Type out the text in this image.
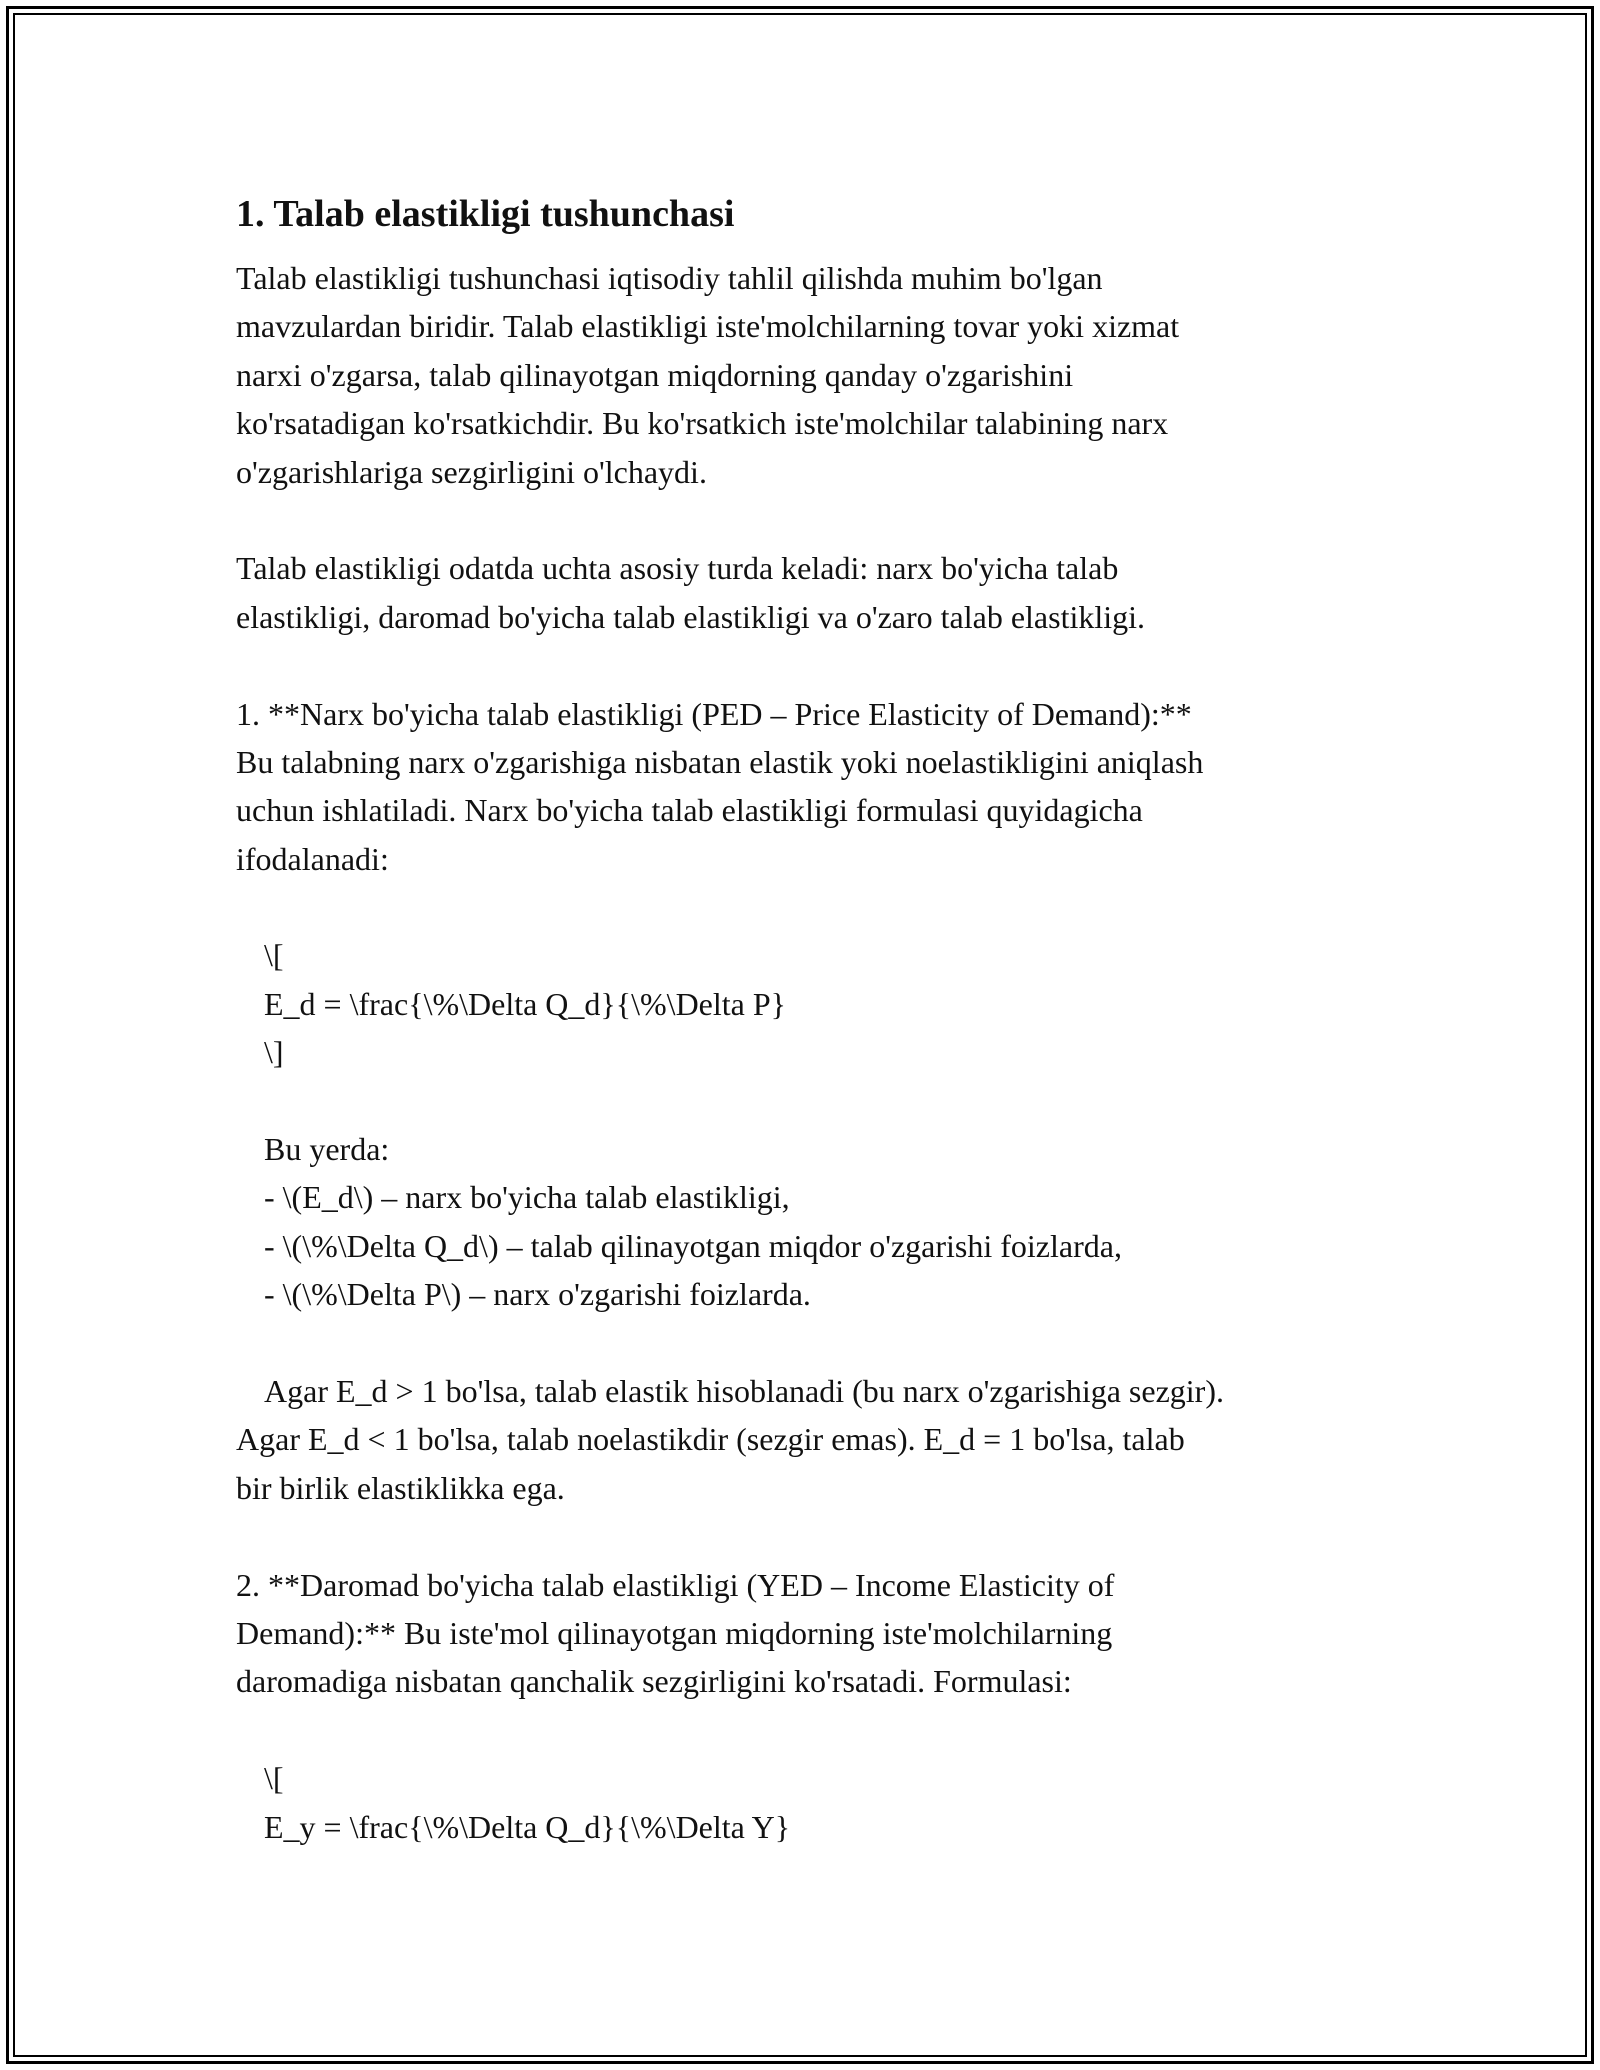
1. Talab elastikligi tushunchasi

Talab elastikligi tushunchasi iqtisodiy tahlil qilishda muhim bo'lgan

mavzulardan biridir. Talab elastikligi iste'molchilarning tovar yoki xizmat

narxi o'zgarsa, talab qilinayotgan miqdorning qanday o'zgarishini

ko'rsatadigan ko'rsatkichdir. Bu ko'rsatkich iste'molchilar talabining narx

o'zgarishlariga sezgirligini o'lchaydi.

Talab elastikligi odatda uchta asosiy turda keladi: narx bo'yicha talab

elastikligi, daromad bo'yicha talab elastikligi va o'zaro talab elastikligi.

1. **Narx bo'yicha talab elastikligi (PED – Price Elasticity of Demand):**

Bu talabning narx o'zgarishiga nisbatan elastik yoki noelastikligini aniqlash

uchun ishlatiladi. Narx bo'yicha talab elastikligi formulasi quyidagicha

ifodalanadi:

\[

E_d = \frac{\%\Delta Q_d}{\%\Delta P}

\]

Bu yerda:

- \(E_d\) – narx bo'yicha talab elastikligi,

- \(\%\Delta Q_d\) – talab qilinayotgan miqdor o'zgarishi foizlarda,

- \(\%\Delta P\) – narx o'zgarishi foizlarda.

Agar E_d > 1 bo'lsa, talab elastik hisoblanadi (bu narx o'zgarishiga sezgir).

Agar E_d < 1 bo'lsa, talab noelastikdir (sezgir emas). E_d = 1 bo'lsa, talab

bir birlik elastiklikka ega.

2. **Daromad bo'yicha talab elastikligi (YED – Income Elasticity of

Demand):** Bu iste'mol qilinayotgan miqdorning iste'molchilarning

daromadiga nisbatan qanchalik sezgirligini ko'rsatadi. Formulasi:

\[

E_y = \frac{\%\Delta Q_d}{\%\Delta Y}
